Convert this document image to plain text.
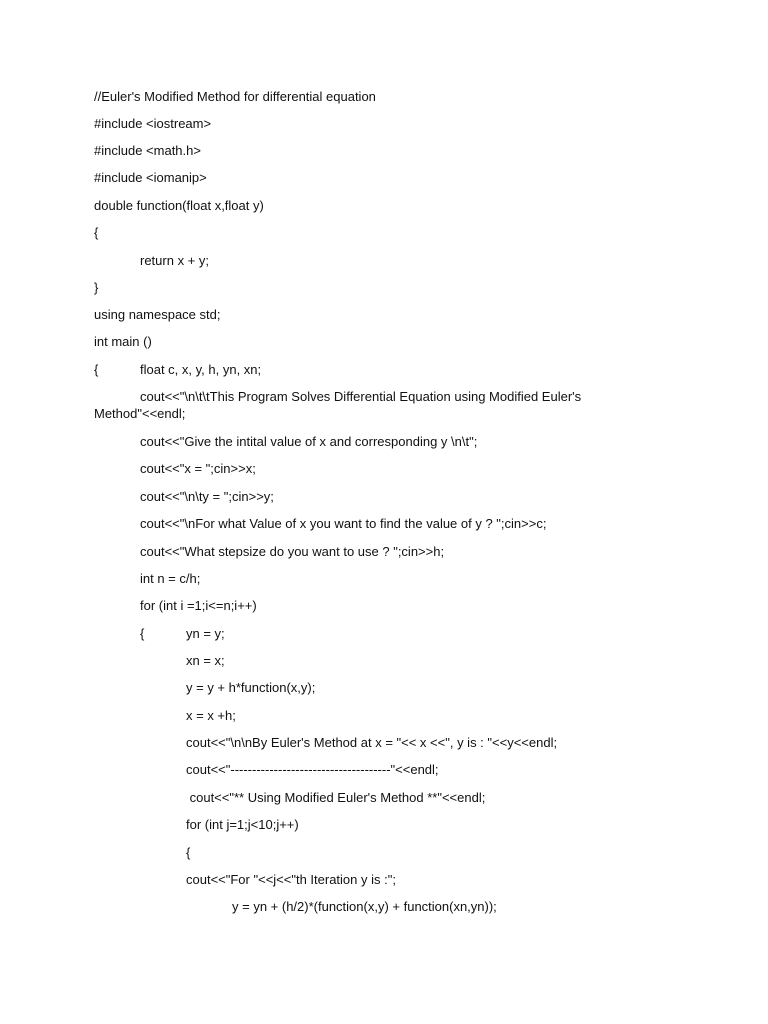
//Euler's Modified Method for differential equation
#include <iostream>
#include <math.h>
#include <iomanip>
double function(float x,float y)
{
return x + y;
}
using namespace std;
int main ()
{	float c, x, y, h, yn, xn;
cout<<"\n\t\tThis Program Solves Differential Equation using Modified Euler's Method"<<endl;
cout<<"Give the intital value of x and corresponding y \n\t";
cout<<"x = ";cin>>x;
cout<<"\n\ty = ";cin>>y;
cout<<"\nFor what Value of x you want to find the value of y ? ";cin>>c;
cout<<"What stepsize do you want to use ? ";cin>>h;
int n = c/h;
for (int i =1;i<=n;i++)
{	yn = y;
xn = x;
y = y + h*function(x,y);
x = x +h;
cout<<"\n\nBy Euler's Method at x = "<< x <<", y is : "<<y<<endl;
cout<<"-------------------------------------"<<endl;
cout<<"** Using Modified Euler's Method **"<<endl;
for (int j=1;j<10;j++)
{
cout<<"For "<<j<<"th Iteration y is :";
y = yn + (h/2)*(function(x,y) + function(xn,yn));
